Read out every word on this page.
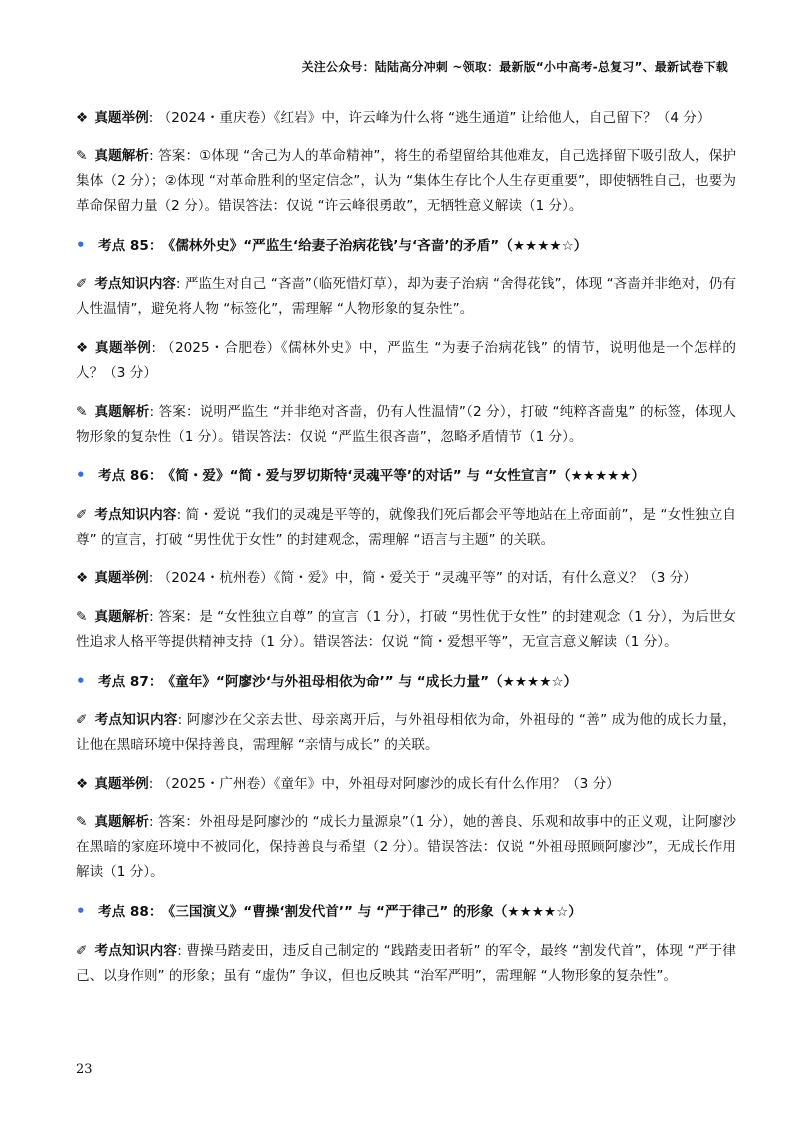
关注公众号：陆陆高分冲刺 ~领取：最新版“小中高考-总复习”、最新试卷下载

❖ 真题举例: （2024・重庆卷）《红岩》中，许云峰为什么将 “逃生通道” 让给他人，自己留下？（4 分）

✎ 真题解析: 答案：①体现 “舍己为人的革命精神”，将生的希望留给其他难友，自己选择留下吸引敌人，保护集体（2 分）；②体现 “对革命胜利的坚定信念”，认为 “集体生存比个人生存更重要”，即使牺牲自己，也要为革命保留力量（2 分）。错误答法：仅说 “许云峰很勇敢”，无牺牲意义解读（1 分）。

• 考点 85： 《儒林外史》“严监生‘给妻子治病花钱’与‘吝啬’的矛盾”（★★★★☆）

✐ 考点知识内容: 严监生对自己 “吝啬”（临死惜灯草），却为妻子治病 “舍得花钱”，体现 “吝啬并非绝对，仍有人性温情”，避免将人物 “标签化”，需理解 “人物形象的复杂性”。

❖ 真题举例: （2025・合肥卷）《儒林外史》中，严监生 “为妻子治病花钱” 的情节，说明他是一个怎样的人？（3 分）

✎ 真题解析: 答案：说明严监生 “并非绝对吝啬，仍有人性温情”（2 分），打破 “纯粹吝啬鬼” 的标签，体现人物形象的复杂性（1 分）。错误答法：仅说 “严监生很吝啬”，忽略矛盾情节（1 分）。

• 考点 86： 《简・爱》“简・爱与罗切斯特‘灵魂平等’的对话” 与 “女性宣言”（★★★★★）

✐ 考点知识内容: 简・爱说 “我们的灵魂是平等的，就像我们死后都会平等地站在上帝面前”，是 “女性独立自尊” 的宣言，打破 “男性优于女性” 的封建观念，需理解 “语言与主题” 的关联。

❖ 真题举例: （2024・杭州卷）《简・爱》中，简・爱关于 “灵魂平等” 的对话，有什么意义？（3 分）

✎ 真题解析: 答案：是 “女性独立自尊” 的宣言（1 分），打破 “男性优于女性” 的封建观念（1 分），为后世女性追求人格平等提供精神支持（1 分）。错误答法：仅说 “简・爱想平等”，无宣言意义解读（1 分）。

• 考点 87： 《童年》“阿廖沙‘与外祖母相依为命’” 与 “成长力量”（★★★★☆）

✐ 考点知识内容: 阿廖沙在父亲去世、母亲离开后，与外祖母相依为命，外祖母的 “善” 成为他的成长力量，让他在黑暗环境中保持善良，需理解 “亲情与成长” 的关联。

❖ 真题举例: （2025・广州卷）《童年》中，外祖母对阿廖沙的成长有什么作用？（3 分）

✎ 真题解析: 答案：外祖母是阿廖沙的 “成长力量源泉”（1 分），她的善良、乐观和故事中的正义观，让阿廖沙在黑暗的家庭环境中不被同化，保持善良与希望（2 分）。错误答法：仅说 “外祖母照顾阿廖沙”，无成长作用解读（1 分）。

• 考点 88： 《三国演义》“曹操‘割发代首’” 与 “严于律己” 的形象（★★★★☆）

✐ 考点知识内容: 曹操马踏麦田，违反自己制定的 “践踏麦田者斩” 的军令，最终 “割发代首”，体现 “严于律己、以身作则” 的形象；虽有 “虚伪” 争议，但也反映其 “治军严明”，需理解 “人物形象的复杂性”。

23
